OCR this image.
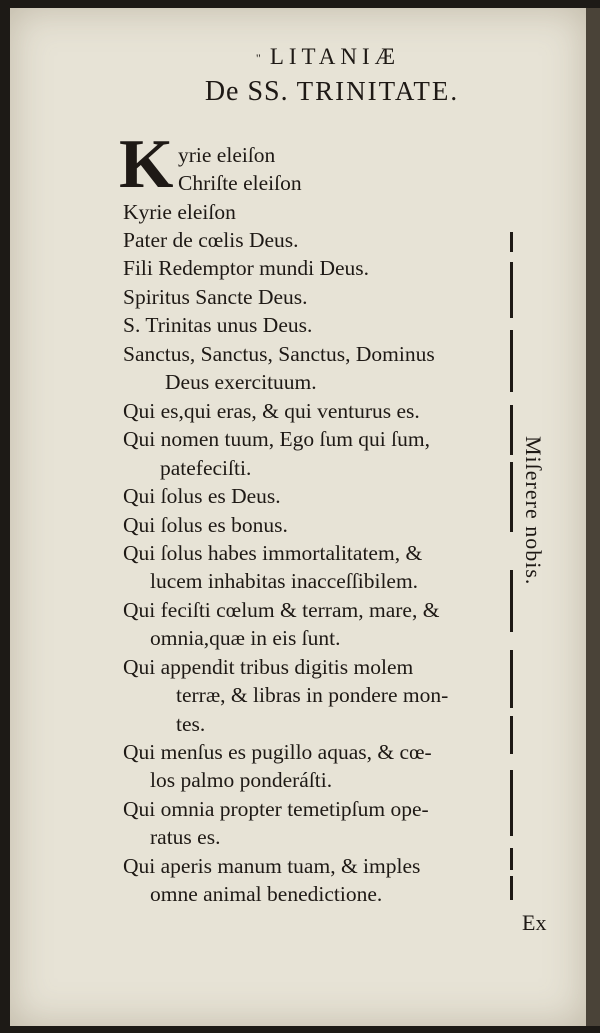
" LITANIÆ
De SS. TRINITATE.
K yrie eleiſon
Chriſte eleiſon
Kyrie eleiſon
Pater de cœlis Deus.
Fili Redemptor mundi Deus.
Spiritus Sancte Deus.
S. Trinitas unus Deus.
Sanctus, Sanctus, Sanctus, Dominus
Deus exercituum.
Qui es,qui eras, & qui venturus es.
Qui nomen tuum, Ego ſum qui ſum,
patefeciſti.
Qui ſolus es Deus.
Qui ſolus es bonus.
Qui ſolus habes immortalitatem, &
lucem inhabitas inacceſſibilem.
Qui feciſti cœlum & terram, mare, &
omnia,quæ in eis ſunt.
Qui appendit tribus digitis molem
terræ, & libras in pondere mon-
tes.
Qui menſus es pugillo aquas, & cœ-
los palmo ponderáſti.
Qui omnia propter temetipſum ope-
ratus es.
Qui aperis manum tuam, & imples
omne animal benedictione.
Miſerere nobis.
Ex
